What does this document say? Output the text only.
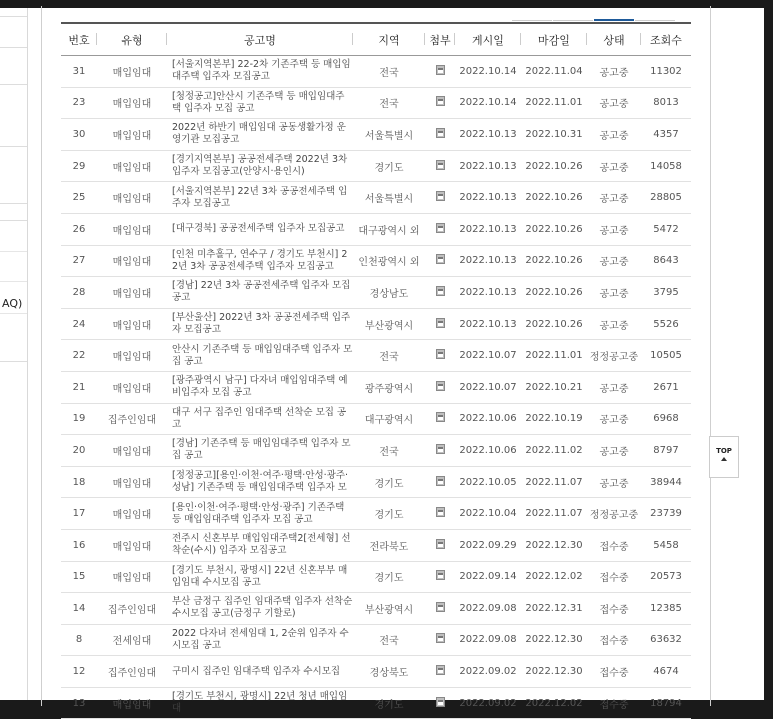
AQ)
번호	유형	공고명	지역	첨부	게시일	마감일	상태	조회수
31	매입임대	[서울지역본부] 22-2차 기존주택 등 매입임대주택 입주자 모집공고	전국		2022.10.14	2022.11.04	공고중	11302
23	매입임대	[청정공고]안산시 기존주택 등 매입임대주택 입주자 모집 공고	전국		2022.10.14	2022.11.01	공고중	8013
30	매입임대	2022년 하반기 매입임대 공동생활가정 운영기관 모집공고	서울특별시		2022.10.13	2022.10.31	공고중	4357
29	매입임대	[경기지역본부] 공공전세주택 2022년 3차 입주자 모집공고(안양시·용인시)	경기도		2022.10.13	2022.10.26	공고중	14058
25	매입임대	[서울지역본부] 22년 3차 공공전세주택 입주자 모집공고	서울특별시		2022.10.13	2022.10.26	공고중	28805
26	매입임대	[대구경북] 공공전세주택 입주자 모집공고	대구광역시 외		2022.10.13	2022.10.26	공고중	5472
27	매입임대	[인천 미추홀구, 연수구 / 경기도 부천시] 22년 3차 공공전세주택 입주자 모집공고	인천광역시 외		2022.10.13	2022.10.26	공고중	8643
28	매입임대	[경남] 22년 3차 공공전세주택 입주자 모집 공고	경상남도		2022.10.13	2022.10.26	공고중	3795
24	매입임대	[부산울산] 2022년 3차 공공전세주택 입주자 모집공고	부산광역시		2022.10.13	2022.10.26	공고중	5526
22	매입임대	안산시 기존주택 등 매입임대주택 입주자 모집 공고	전국		2022.10.07	2022.11.01	정정공고중	10505
21	매입임대	[광주광역시 남구] 다자녀 매입임대주택 예비입주자 모집 공고	광주광역시		2022.10.07	2022.10.21	공고중	2671
19	집주인임대	대구 서구 집주인 임대주택 선착순 모집 공고	대구광역시		2022.10.06	2022.10.19	공고중	6968
20	매입임대	[경남] 기존주택 등 매입임대주택 입주자 모집 공고	전국		2022.10.06	2022.11.02	공고중	8797
18	매입임대	[정정공고][용인·이천·여주·평택·안성·광주·성남] 기존주택 등 매입임대주택 입주자 모	경기도		2022.10.05	2022.11.07	공고중	38944
17	매입임대	[용인·이천·여주·평택·안성·광주] 기존주택 등 매입임대주택 입주자 모집 공고	경기도		2022.10.04	2022.11.07	정정공고중	23739
16	매입임대	전주시 신혼부부 매입임대주택2[전세형] 선착순(수시) 입주자 모집공고	전라북도		2022.09.29	2022.12.30	접수중	5458
15	매입임대	[경기도 부천시, 광명시] 22년 신혼부부 매입임대 수시모집 공고	경기도		2022.09.14	2022.12.02	접수중	20573
14	집주인임대	부산 금정구 집주인 임대주택 입주자 선착순 수시모집 공고(금정구 기할로)	부산광역시		2022.09.08	2022.12.31	접수중	12385
8	전세임대	2022 다자녀 전세임대 1, 2순위 입주자 수시모집 공고	전국		2022.09.08	2022.12.30	접수중	63632
12	집주인임대	구미시 집주인 임대주택 입주자 수시모집	경상북도		2022.09.02	2022.12.30	접수중	4674
13	매입임대	[경기도 부천시, 광명시] 22년 청년 매입임대	경기도		2022.09.02	2022.12.02	접수중	18794
TOP
